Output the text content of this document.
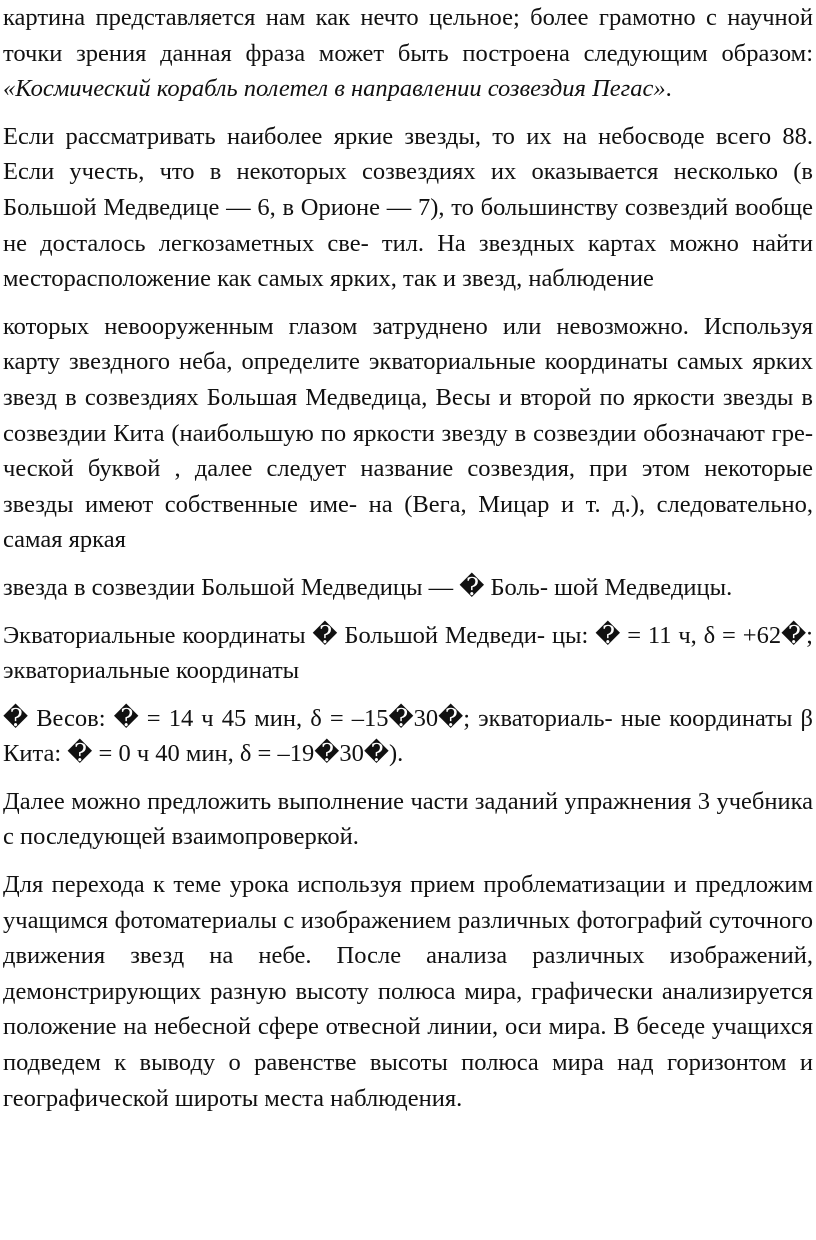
картина представляется нам как нечто цельное; более грамотно с научной точки зрения данная фраза может быть построена следующим образом: «Космический корабль полетел в направлении созвездия Пегас».

Если рассматривать наиболее яркие звезды, то их на небосводе всего 88. Если учесть, что в некоторых созвездиях их оказывается несколько (в Большой Медведице — 6, в Орионе — 7), то большинству созвездий вообще не досталось легкозаметных све- тил. На звездных картах можно найти месторасположение как самых ярких, так и звезд, наблюдение

которых невооруженным глазом затруднено или невозможно. Используя карту звездного неба, определите экваториальные координаты самых ярких звезд в созвездиях Большая Медведица, Весы и второй по яркости звезды в созвездии Кита (наибольшую по яркости звезду в созвездии обозначают гре- ческой буквой , далее следует название созвездия, при этом некоторые звезды имеют собственные име- на (Вега, Мицар и т. д.), следовательно, самая яркая

звезда в созвездии Большой Медведицы — � Боль- шой Медведицы.

Экваториальные координаты � Большой Медведи- цы: � = 11 ч, δ = +62�; экваториальные координаты

� Весов: � = 14 ч 45 мин, δ = –15�30�; экваториаль- ные координаты β Кита: � = 0 ч 40 мин, δ = –19�30�).

Далее можно предложить выполнение части заданий упражнения 3 учебника с последующей взаимопроверкой.

Для перехода к теме урока используя прием проблематизации и предложим учащимся фотоматериалы с изображением различных фотографий суточного движения звезд на небе. После анализа различных изображений, демонстрирующих разную высоту полюса мира, графически анализируется положение на небесной сфере отвесной линии, оси мира. В беседе учащихся подведем к выводу о равенстве высоты полюса мира над горизонтом и географической широты места наблюдения.
